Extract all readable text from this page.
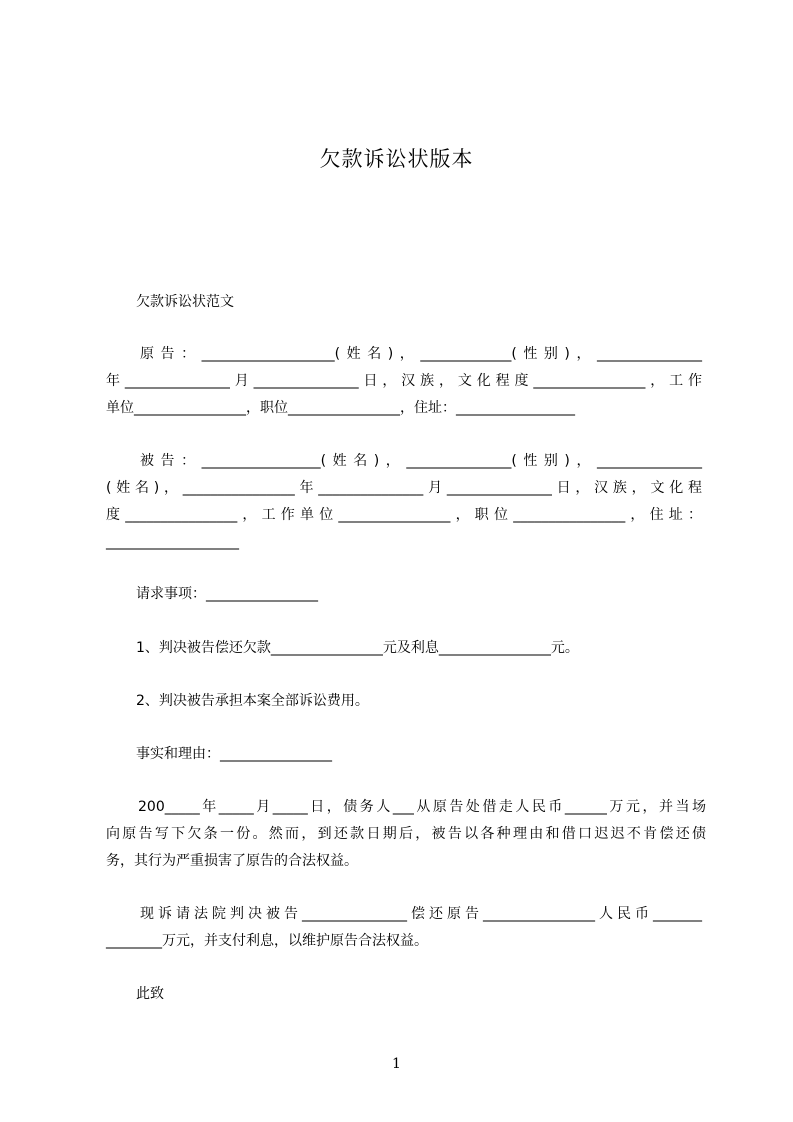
欠款诉讼状版本
欠款诉讼状范文
原告：___________________(姓名)，_____________(性别)，_______________
年_______________月_______________日，汉族，文化程度________________，工作
单位________________，职位________________，住址：_________________
被告：_________________(姓名)，_______________(性别)，_______________
(姓名)，________________年_______________月_______________日，汉族，文化程
度________________，工作单位________________，职位________________，住址：
___________________
请求事项：________________
1、判决被告偿还欠款________________元及利息________________元。
2、判决被告承担本案全部诉讼费用。
事实和理由：________________
200_____年_____月_____日，债务人___从原告处借走人民币______万元，并当场
向原告写下欠条一份。然而，到还款日期后，被告以各种理由和借口迟迟不肯偿还债
务，其行为严重损害了原告的合法权益。
现诉请法院判决被告_______________偿还原告________________人民币_______
________万元，并支付利息，以维护原告合法权益。
此致
1
